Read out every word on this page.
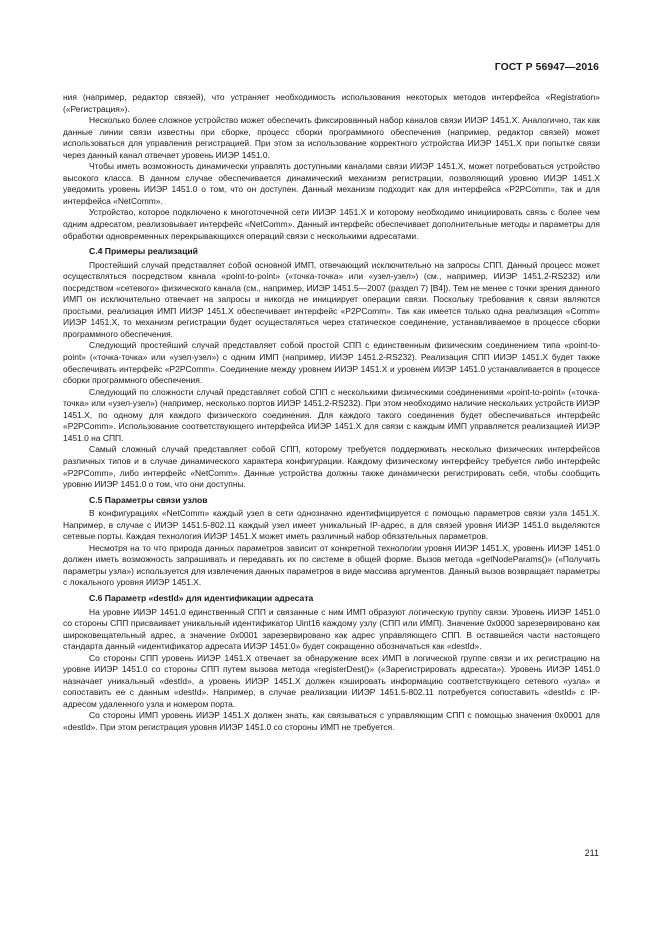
ГОСТ Р 56947—2016

ния (например, редактор связей), что устраняет необходимость использования некоторых методов интерфейса «Registration» («Регистрация»).

Несколько более сложное устройство может обеспечить фиксированный набор каналов связи ИИЭР 1451.X. Аналогично, так как данные линии связи известны при сборке, процесс сборки программного обеспечения (например, редактор связей) может использоваться для управления регистрацией. При этом за использование корректного устройства ИИЭР 1451.X при попытке связи через данный канал отвечает уровень ИИЭР 1451.0.

Чтобы иметь возможность динамически управлять доступными каналами связи ИИЭР 1451.X, может потребоваться устройство высокого класса. В данном случае обеспечивается динамический механизм регистрации, позволяющий уровню ИИЭР 1451.X уведомить уровень ИИЭР 1451.0 о том, что он доступен. Данный механизм подходит как для интерфейса «P2PComm», так и для интерфейса «NetComm».

Устройство, которое подключено к многоточечной сети ИИЭР 1451.X и которому необходимо инициировать связь с более чем одним адресатом, реализовывает интерфейс «NetComm». Данный интерфейс обеспечивает дополнительные методы и параметры для обработки одновременных перекрывающихся операций связи с несколькими адресатами.

С.4 Примеры реализаций

Простейший случай представляет собой основной ИМП, отвечающий исключительно на запросы СПП. Данный процесс может осуществляться посредством канала «point-to-point» («точка-точка» или «узел-узел») (см., например, ИИЭР 1451.2-RS232) или посредством «сетевого» физического канала (см., например, ИИЭР 1451.5—2007 (раздел 7) [В4]). Тем не менее с точки зрения данного ИМП он исключительно отвечает на запросы и никогда не инициирует операции связи. Поскольку требования к связи являются простыми, реализация ИМП ИИЭР 1451.X обеспечивает интерфейс «P2PComm». Так как имеется только одна реализация «Comm» ИИЭР 1451.X, то механизм регистрации будет осуществляться через статическое соединение, устанавливаемое в процессе сборки программного обеспечения.

Следующий простейший случай представляет собой простой СПП с единственным физическим соединением типа «point-to-point» («точка-точка» или «узел-узел») с одним ИМП (например, ИИЭР 1451.2-RS232). Реализация СПП ИИЭР 1451.X будет также обеспечивать интерфейс «P2PComm». Соединение между уровнем ИИЭР 1451.X и уровнем ИИЭР 1451.0 устанавливается в процессе сборки программного обеспечения.

Следующий по сложности случай представляет собой СПП с несколькими физическими соединениями «point-to-point» («точка-точка» или «узел-узел») (например, несколько портов ИИЭР 1451.2-RS232). При этом необходимо наличие нескольких устройств ИИЭР 1451.X, по одному для каждого физического соединения. Для каждого такого соединения будет обеспечиваться интерфейс «P2PComm». Использование соответствующего интерфейса ИИЭР 1451.X для связи с каждым ИМП управляется реализацией ИИЭР 1451.0 на СПП.

Самый сложный случай представляет собой СПП, которому требуется поддерживать несколько физических интерфейсов различных типов и в случае динамического характера конфигурации. Каждому физическому интерфейсу требуется либо интерфейс «P2PComm», либо интерфейс «NetComm». Данные устройства должны также динамически регистрировать себя, чтобы сообщить уровню ИИЭР 1451.0 о том, что они доступны.

С.5 Параметры связи узлов

В конфигурациях «NetComm» каждый узел в сети однозначно идентифицируется с помощью параметров связи узла 1451.X. Например, в случае с ИИЭР 1451.5-802.11 каждый узел имеет уникальный IP-адрес, а для связей уровня ИИЭР 1451.0 выделяются сетевые порты. Каждая технология ИИЭР 1451.X может иметь различный набор обязательных параметров.

Несмотря на то что природа данных параметров зависит от конкретной технологии уровня ИИЭР 1451.X, уровень ИИЭР 1451.0 должен иметь возможность запрашивать и передавать их по системе в общей форме. Вызов метода «getNodeParams()» («Получить параметры узла») используется для извлечения данных параметров в виде массива аргументов. Данный вызов возвращает параметры с локального уровня ИИЭР 1451.X.

С.6 Параметр «destId» для идентификации адресата

На уровне ИИЭР 1451.0 единственный СПП и связанные с ним ИМП образуют логическую группу связи. Уровень ИИЭР 1451.0 со стороны СПП присваивает уникальный идентификатор Uint16 каждому узлу (СПП или ИМП). Значение 0x0000 зарезервировано как широковещательный адрес, а значение 0x0001 зарезервировано как адрес управляющего СПП. В оставшейся части настоящего стандарта данный «идентификатор адресата ИИЭР 1451.0» будет сокращенно обозначаться как «destId».

Со стороны СПП уровень ИИЭР 1451.X отвечает за обнаружение всех ИМП в логической группе связи и их регистрацию на уровне ИИЭР 1451.0 со стороны СПП путем вызова метода «registerDest()» («Зарегистрировать адресата»). Уровень ИИЭР 1451.0 назначает уникальный «destId», а уровень ИИЭР 1451.X должен кэшировать информацию соответствующего сетевого «узла» и сопоставить ее с данным «destId». Например, в случае реализации ИИЭР 1451.5-802.11 потребуется сопоставить «destId» с IP-адресом удаленного узла и номером порта.

Со стороны ИМП уровень ИИЭР 1451.X должен знать, как связываться с управляющим СПП с помощью значения 0x0001 для «destId». При этом регистрация уровня ИИЭР 1451.0 со стороны ИМП не требуется.

211
